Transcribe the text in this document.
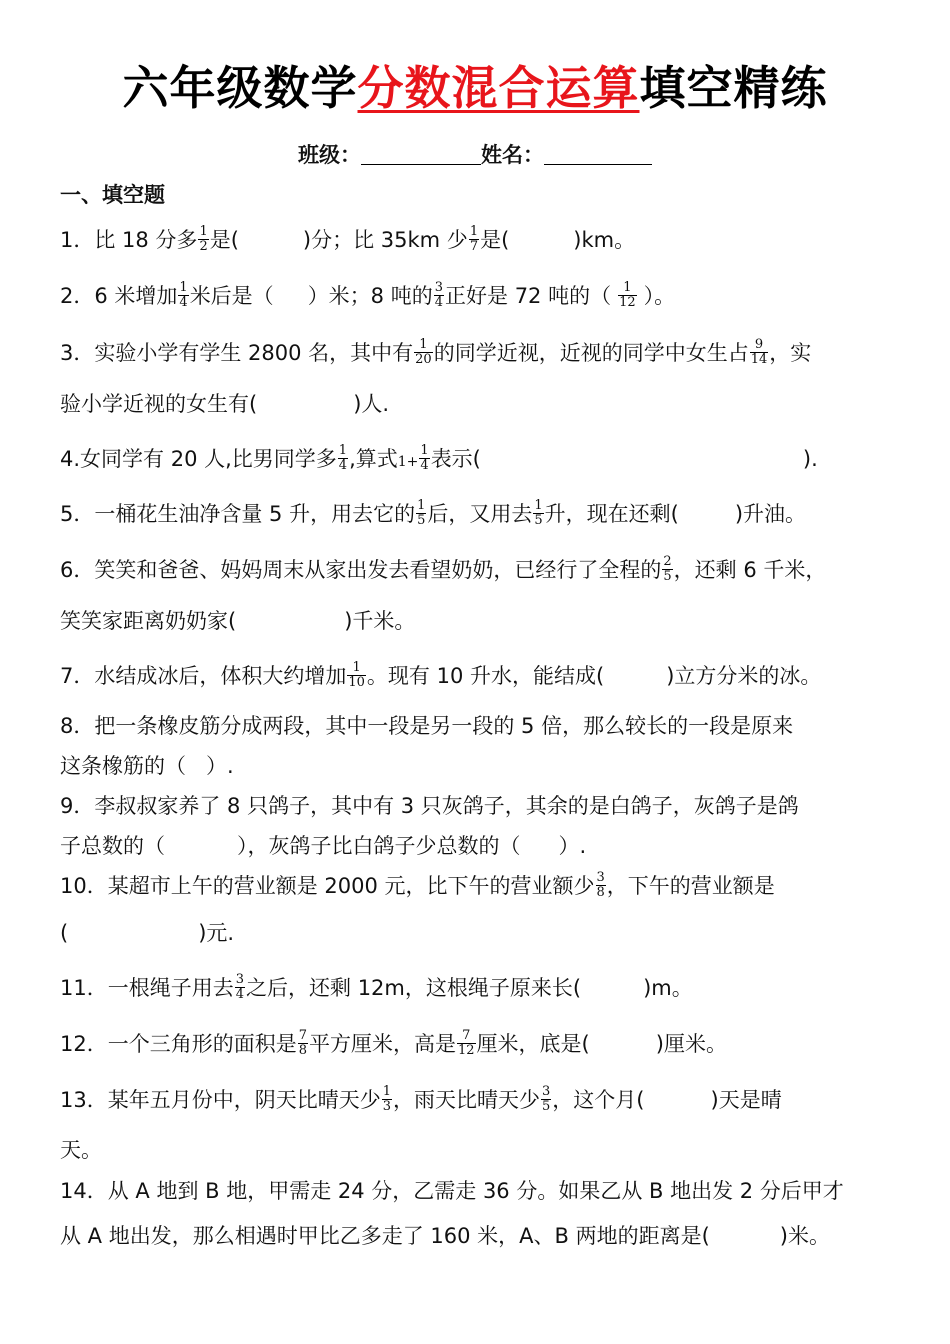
六年级数学分数混合运算填空精练
班级：	姓名：
一、填空题
1．比 18 分多 $\frac{1}{2}$ 是(	)分；比 35km 少 $\frac{1}{7}$ 是(	)km。
2．6 米增加 $\frac{1}{4}$ 米后是（ ）米；8 吨的 $\frac{3}{4}$ 正好是 72 吨的（ $\frac{1}{12}$ ）。
3．实验小学有学生 2800 名，其中有 $\frac{1}{20}$ 的同学近视，近视的同学中女生占 $\frac{9}{14}$ ，实
验小学近视的女生有(	)人.
4.女同学有 20 人,比男同学多 $\frac{1}{4}$ ,算式$1+ \frac{1}{4}$ 表示(	).
5．一桶花生油净含量 5 升，用去它的 $\frac{1}{5}$ 后，又用去 $\frac{1}{5}$ 升，现在还剩(	)升油。
6．笑笑和爸爸、妈妈周末从家出发去看望奶奶，已经行了全程的 $\frac{2}{5}$ ，还剩 6 千米，
笑笑家距离奶奶家(	)千米。
7．水结成冰后，体积大约增加 $\frac{1}{10}$ 。现有 10 升水，能结成(	)立方分米的冰。
8．把一条橡皮筋分成两段，其中一段是另一段的 5 倍，那么较长的一段是原来
这条橡筋的（ ）.
9．李叔叔家养了 8 只鸽子，其中有 3 只灰鸽子，其余的是白鸽子，灰鸽子是鸽
子总数的（	），灰鸽子比白鸽子少总数的（ ）.
10．某超市上午的营业额是 2000 元，比下午的营业额少 $\frac{3}{8}$ ，下午的营业额是
(	)元.
11．一根绳子用去 $\frac{3}{4}$ 之后，还剩 12m，这根绳子原来长(	)m。
12．一个三角形的面积是 $\frac{7}{8}$ 平方厘米，高是 $\frac{7}{12}$ 厘米，底是(	)厘米。
13．某年五月份中，阴天比晴天少 $\frac{1}{3}$ ，雨天比晴天少 $\frac{3}{5}$ ，这个月(	)天是晴
天。
14．从 A 地到 B 地，甲需走 24 分，乙需走 36 分。如果乙从 B 地出发 2 分后甲才
从 A 地出发，那么相遇时甲比乙多走了 160 米，A、B 两地的距离是(	)米。
